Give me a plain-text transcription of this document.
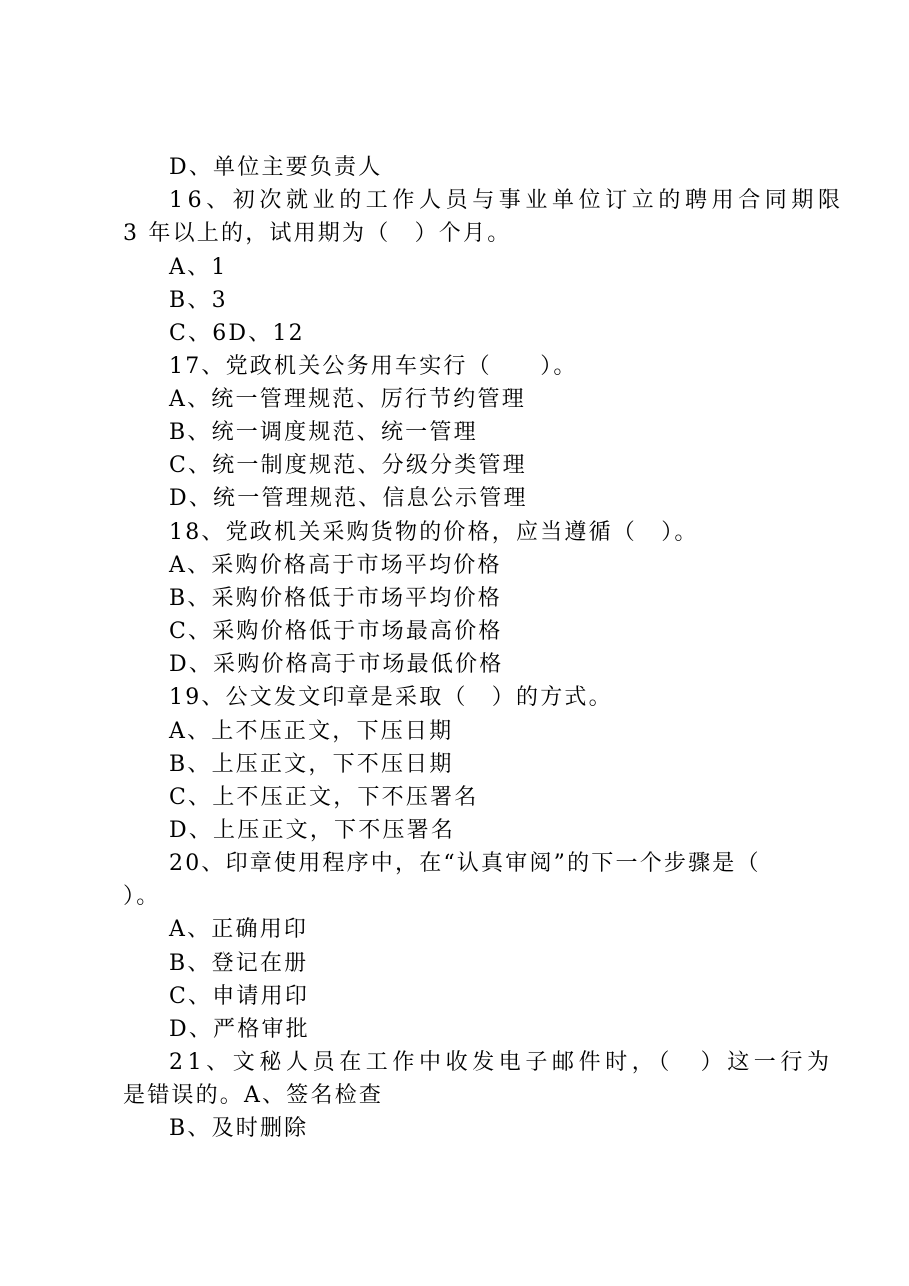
D、单位主要负责人
16、初次就业的工作人员与事业单位订立的聘用合同期限
3 年以上的，试用期为（　）个月。
A、1
B、3
C、6D、12
17、党政机关公务用车实行（　　）。
A、统一管理规范、厉行节约管理
B、统一调度规范、统一管理
C、统一制度规范、分级分类管理
D、统一管理规范、信息公示管理
18、党政机关采购货物的价格，应当遵循（　）。
A、采购价格高于市场平均价格
B、采购价格低于市场平均价格
C、采购价格低于市场最高价格
D、采购价格高于市场最低价格
19、公文发文印章是采取（　）的方式。
A、上不压正文，下压日期
B、上压正文，下不压日期
C、上不压正文，下不压署名
D、上压正文，下不压署名
20、印章使用程序中，在“认真审阅”的下一个步骤是（
）。
A、正确用印
B、登记在册
C、申请用印
D、严格审批
21、文秘人员在工作中收发电子邮件时，（　）这一行为
是错误的。A、签名检查
B、及时删除
